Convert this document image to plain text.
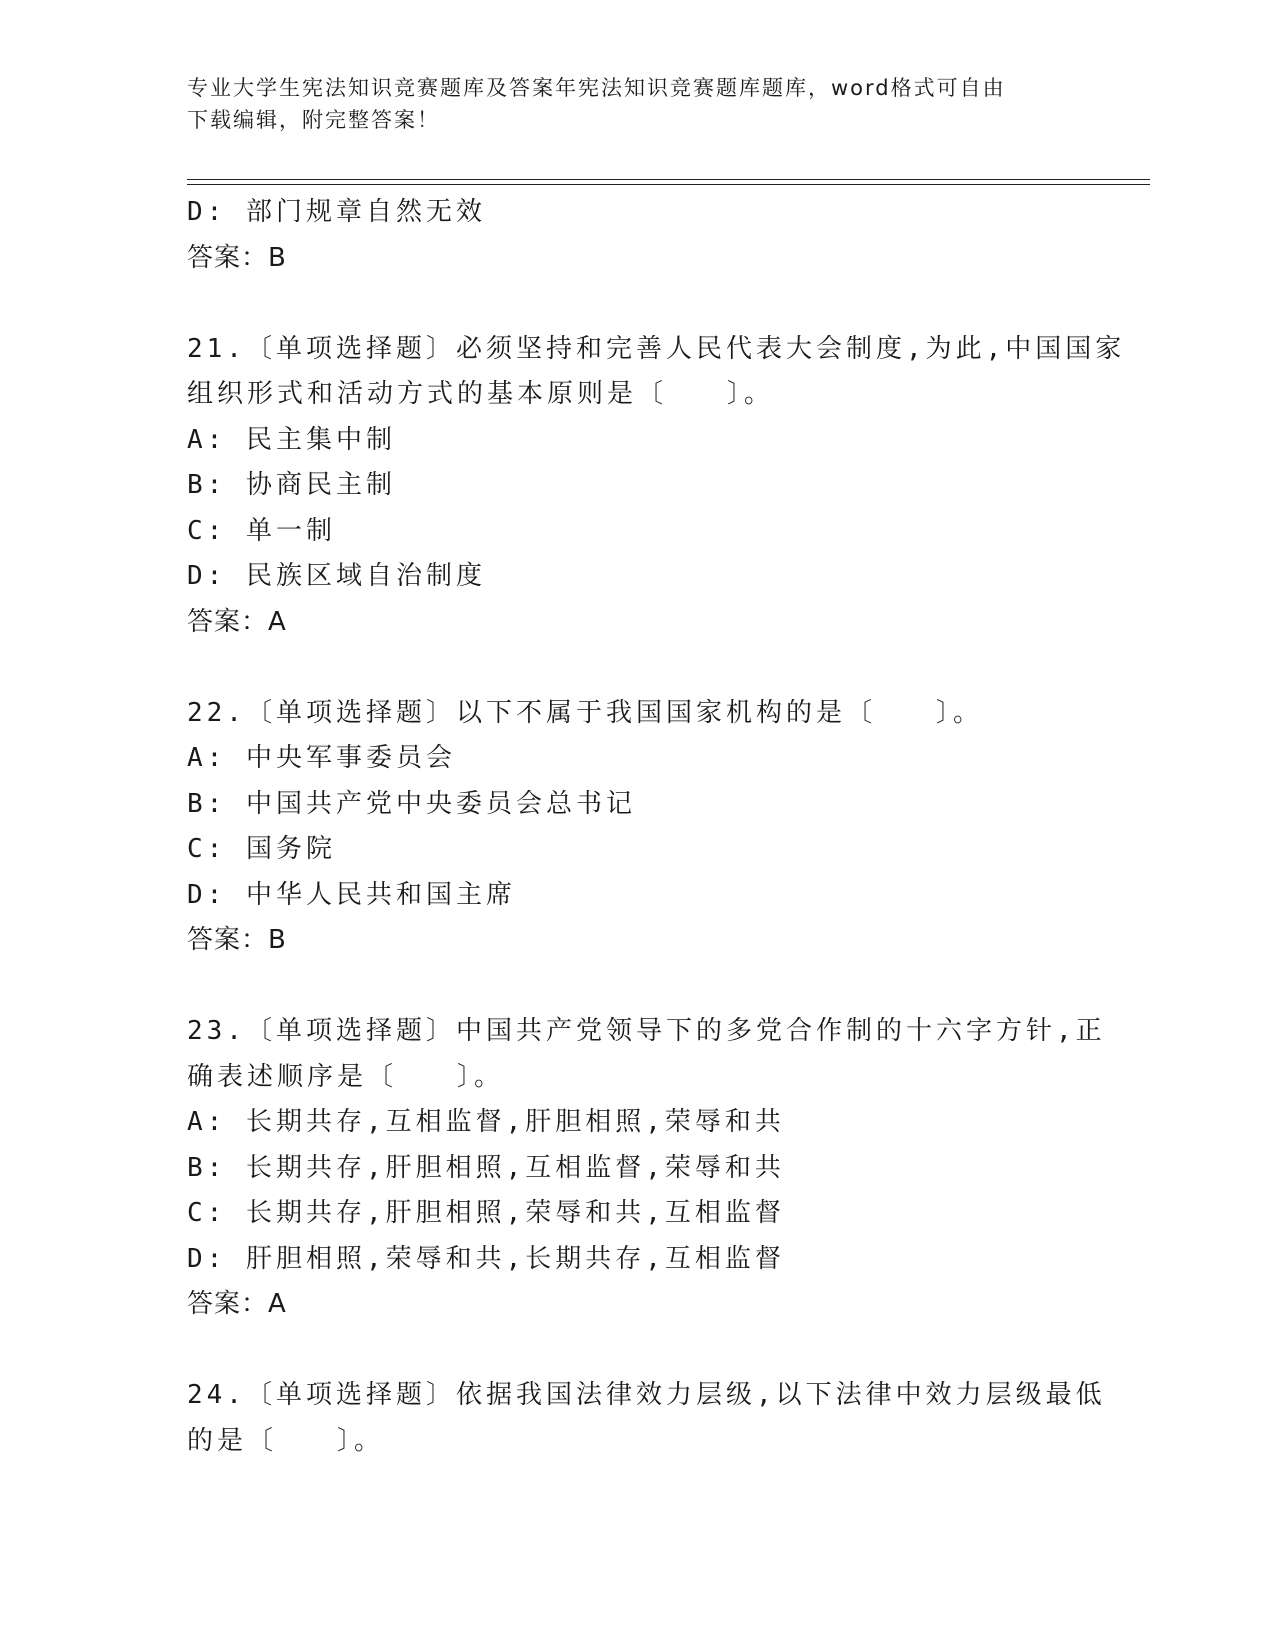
专业大学生宪法知识竞赛题库及答案年宪法知识竞赛题库题库，word格式可自由
下载编辑，附完整答案！
D: 部门规章自然无效
答案：B
21.〔单项选择题〕必须坚持和完善人民代表大会制度,为此,中国国家
组织形式和活动方式的基本原则是〔　　〕。
A: 民主集中制
B: 协商民主制
C: 单一制
D: 民族区域自治制度
答案：A
22.〔单项选择题〕以下不属于我国国家机构的是〔　　〕。
A: 中央军事委员会
B: 中国共产党中央委员会总书记
C: 国务院
D: 中华人民共和国主席
答案：B
23.〔单项选择题〕中国共产党领导下的多党合作制的十六字方针,正
确表述顺序是〔　　〕。
A: 长期共存,互相监督,肝胆相照,荣辱和共
B: 长期共存,肝胆相照,互相监督,荣辱和共
C: 长期共存,肝胆相照,荣辱和共,互相监督
D: 肝胆相照,荣辱和共,长期共存,互相监督
答案：A
24.〔单项选择题〕依据我国法律效力层级,以下法律中效力层级最低
的是〔　　〕。
